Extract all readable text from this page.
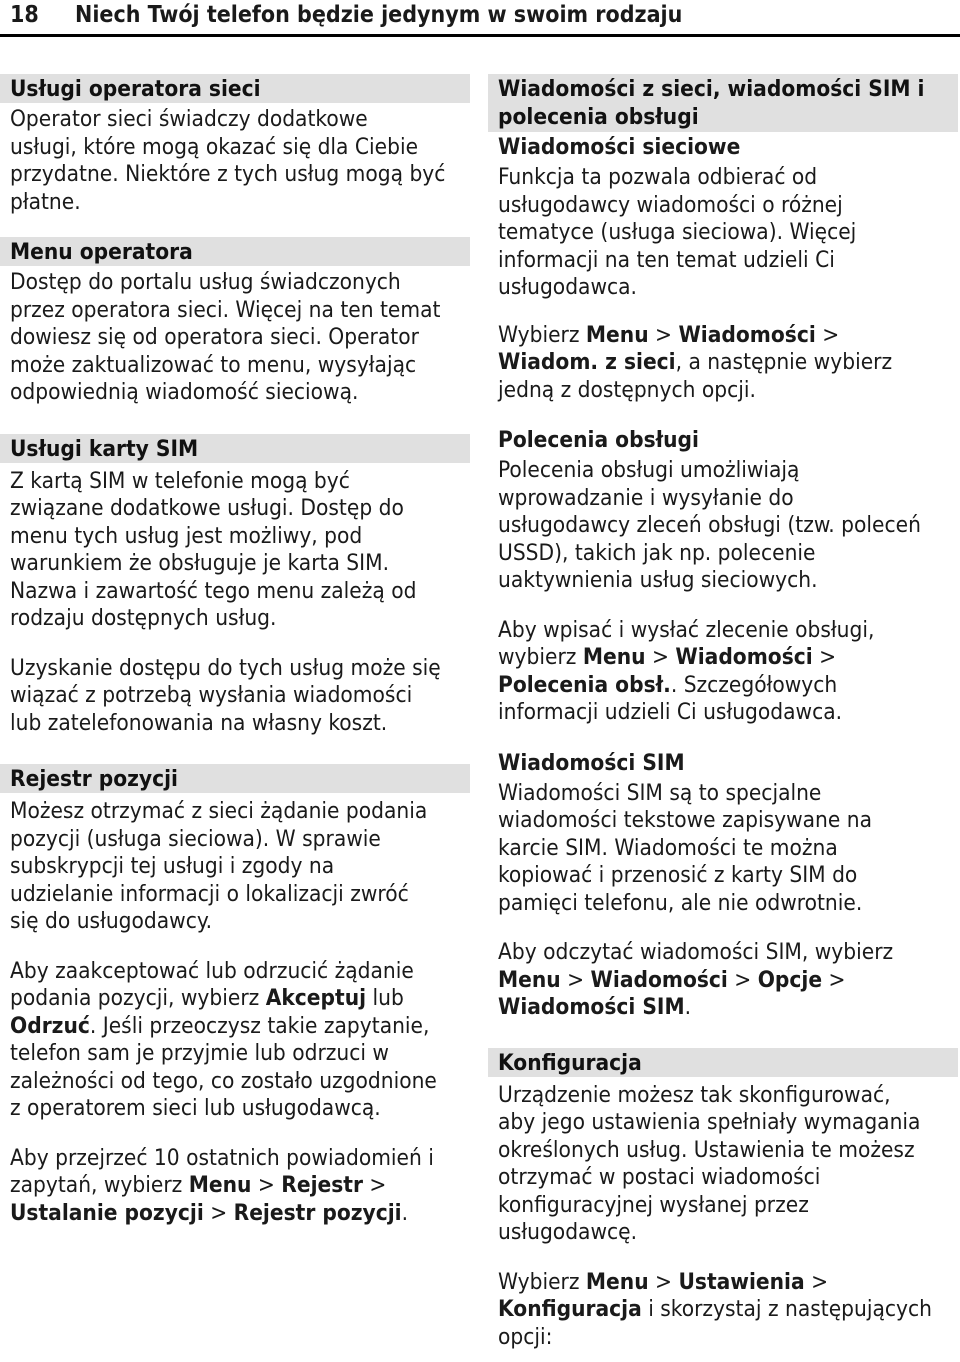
18 Niech Twój telefon będzie jedynym w swoim rodzaju
Usługi operatora sieci

Operator sieci świadczy dodatkowe
usługi, które mogą okazać się dla Ciebie
przydatne. Niektóre z tych usług mogą być
płatne.

Menu operatora

Dostęp do portalu usług świadczonych
przez operatora sieci. Więcej na ten temat
dowiesz się od operatora sieci. Operator
może zaktualizować to menu, wysyłając
odpowiednią wiadomość sieciową.

Usługi karty SIM

Z kartą SIM w telefonie mogą być
związane dodatkowe usługi. Dostęp do
menu tych usług jest możliwy, pod
warunkiem że obsługuje je karta SIM.
Nazwa i zawartość tego menu zależą od
rodzaju dostępnych usług.

Uzyskanie dostępu do tych usług może się
wiązać z potrzebą wysłania wiadomości
lub zatelefonowania na własny koszt.

Rejestr pozycji

Możesz otrzymać z sieci żądanie podania
pozycji (usługa sieciowa). W sprawie
subskrypcji tej usługi i zgody na
udzielanie informacji o lokalizacji zwróć
się do usługodawcy.

Aby zaakceptować lub odrzucić żądanie
podania pozycji, wybierz Akceptuj lub
Odrzuć. Jeśli przeoczysz takie zapytanie,
telefon sam je przyjmie lub odrzuci w
zależności od tego, co zostało uzgodnione
z operatorem sieci lub usługodawcą.

Aby przejrzeć 10 ostatnich powiadomień i
zapytań, wybierz Menu > Rejestr >
Ustalanie pozycji > Rejestr pozycji.

Wiadomości z sieci, wiadomości SIM i
polecenia obsługi
Wiadomości sieciowe

Funkcja ta pozwala odbierać od
usługodawcy wiadomości o różnej
tematyce (usługa sieciowa). Więcej
informacji na ten temat udzieli Ci
usługodawca.

Wybierz Menu > Wiadomości >
Wiadom. z sieci, a następnie wybierz
jedną z dostępnych opcji.

Polecenia obsługi

Polecenia obsługi umożliwiają
wprowadzanie i wysyłanie do
usługodawcy zleceń obsługi (tzw. poleceń
USSD), takich jak np. polecenie
uaktywnienia usług sieciowych.

Aby wpisać i wysłać zlecenie obsługi,
wybierz Menu > Wiadomości >
Polecenia obsł.. Szczegółowych
informacji udzieli Ci usługodawca.

Wiadomości SIM

Wiadomości SIM są to specjalne
wiadomości tekstowe zapisywane na
karcie SIM. Wiadomości te można
kopiować i przenosić z karty SIM do
pamięci telefonu, ale nie odwrotnie.

Aby odczytać wiadomości SIM, wybierz
Menu > Wiadomości > Opcje >
Wiadomości SIM.

Konfiguracja

Urządzenie możesz tak skonfigurować,
aby jego ustawienia spełniały wymagania
określonych usług. Ustawienia te możesz
otrzymać w postaci wiadomości
konfiguracyjnej wysłanej przez
usługodawcę.

Wybierz Menu > Ustawienia >
Konfiguracja i skorzystaj z następujących
opcji:
